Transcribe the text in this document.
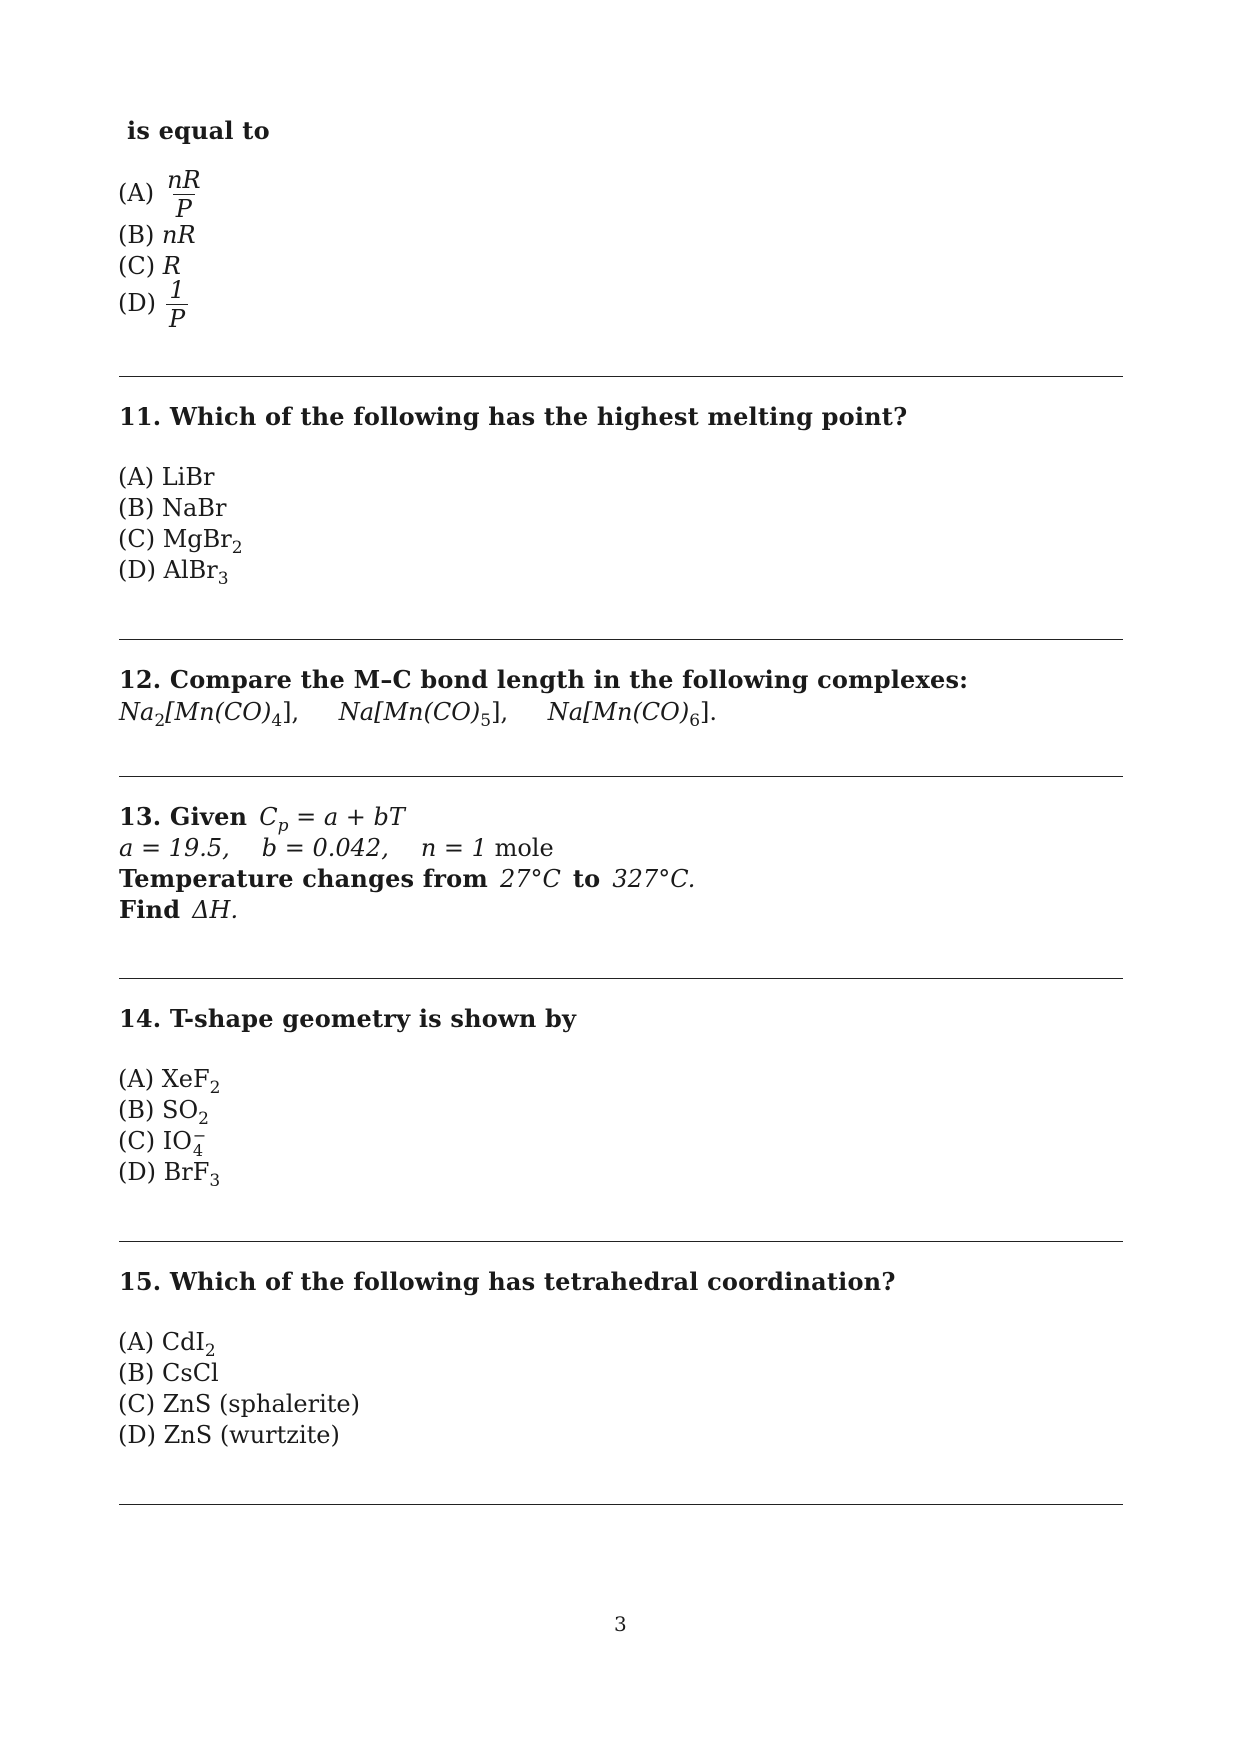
is equal to
$(A) \frac{nR}{P}$
(B) nR
(C) R
$(D) \frac{1}{P}$
11. Which of the following has the highest melting point?
(A) LiBr
(B) NaBr
(C) MgBr$_2$
(D) AlBr$_3$
12. Compare the M–C bond length in the following complexes:
$Na_2[Mn(CO)_4]$, $Na[Mn(CO)_5]$, $Na[Mn(CO)_6]$.
13. Given $C_p = a$ + bT
a = 19.5, b = 0.042, n = 1 mole
Temperature changes from 27°C to 327°C.
Find ΔH.
14. T-shape geometry is shown by
(A) XeF$_2$
(B) $SO_2$
(C) IO −
4
(D) BrF$_3$
15. Which of the following has tetrahedral coordination?
(A) CdI$_2$
(B) CsCl
(C) ZnS (sphalerite)
(D) ZnS (wurtzite)
3
